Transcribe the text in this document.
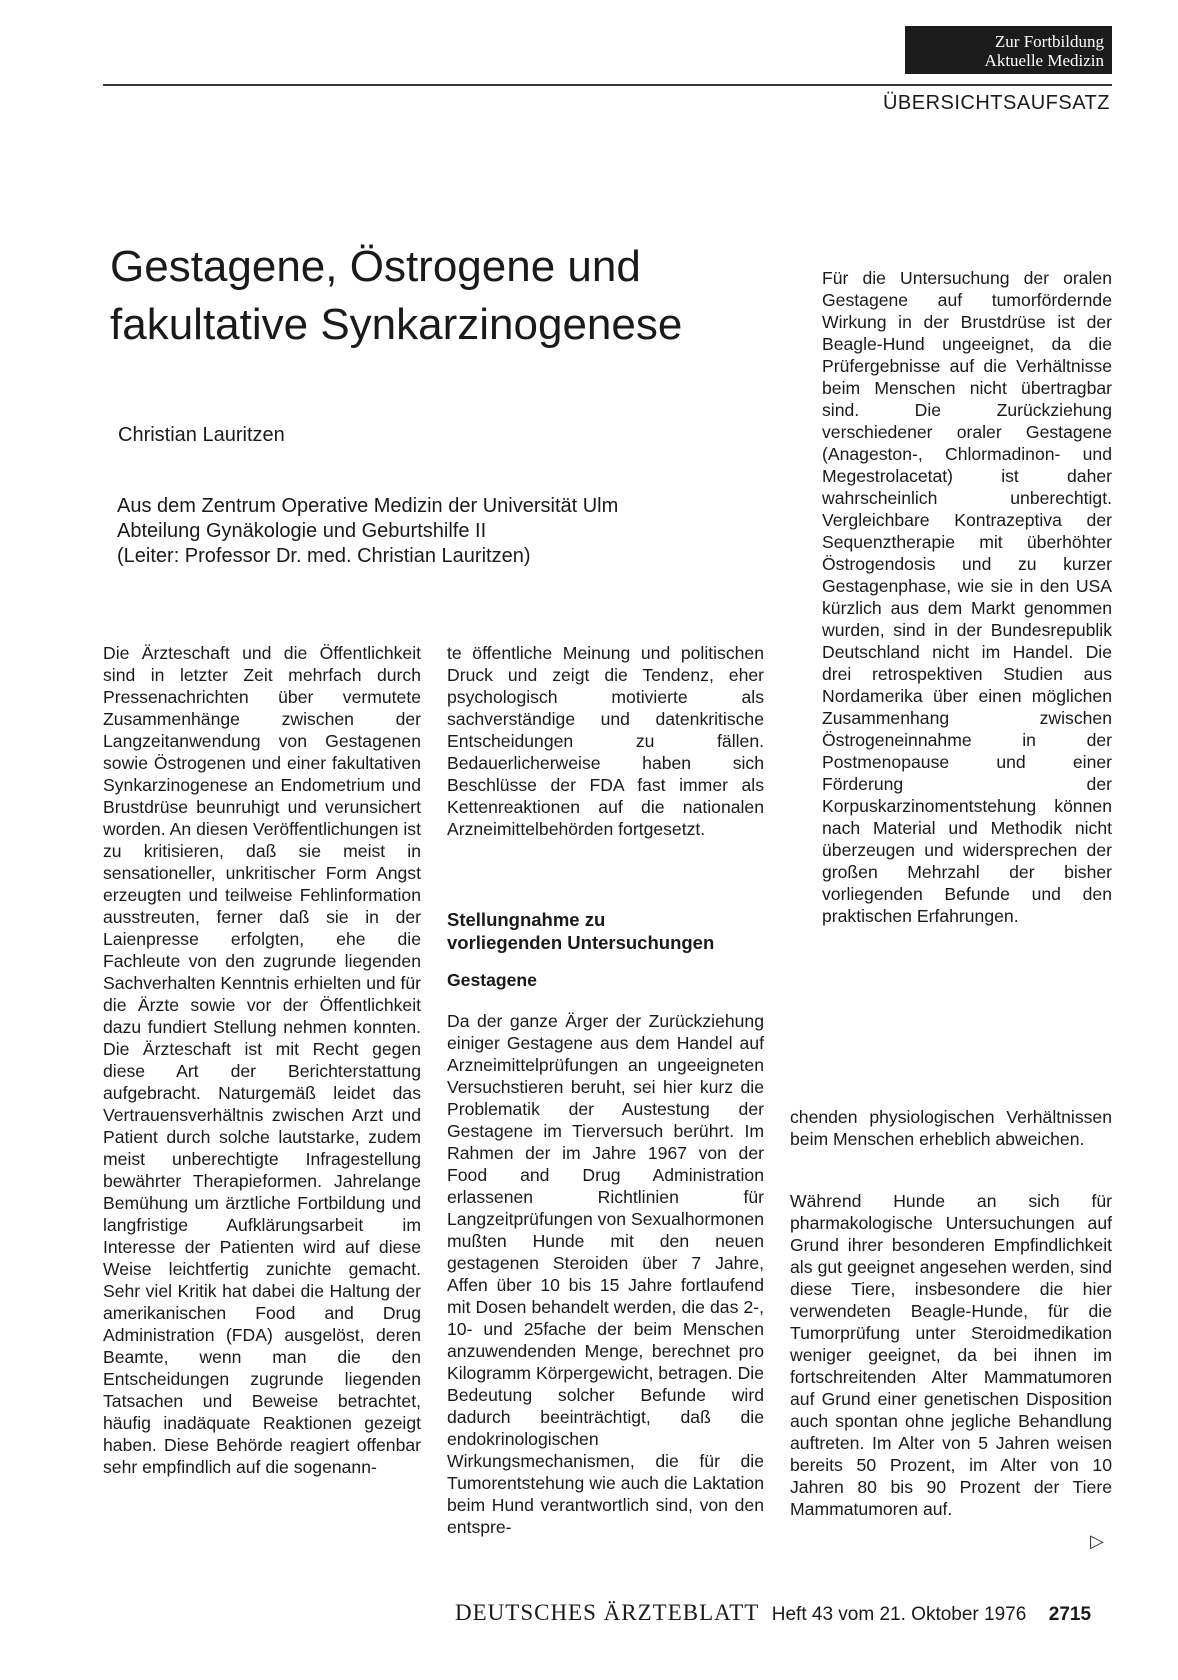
Zur Fortbildung
Aktuelle Medizin
ÜBERSICHTSAUFSATZ
Gestagene, Östrogene und
fakultative Synkarzinogenese
Christian Lauritzen
Aus dem Zentrum Operative Medizin der Universität Ulm
Abteilung Gynäkologie und Geburtshilfe II
(Leiter: Professor Dr. med. Christian Lauritzen)

Die Ärzteschaft und die Öffentlichkeit sind in letzter Zeit mehrfach durch Pressenachrichten über vermutete Zusammenhänge zwischen der Langzeitanwendung von Gestagenen sowie Östrogenen und einer fakultativen Synkarzinogenese an Endometrium und Brustdrüse beunruhigt und verunsichert worden. An diesen Veröffentlichungen ist zu kritisieren, daß sie meist in sensationeller, unkritischer Form Angst erzeugten und teilweise Fehlinformation ausstreuten, ferner daß sie in der Laienpresse erfolgten, ehe die Fachleute von den zugrunde liegenden Sachverhalten Kenntnis erhielten und für die Ärzte sowie vor der Öffentlichkeit dazu fundiert Stellung nehmen konnten. Die Ärzteschaft ist mit Recht gegen diese Art der Berichterstattung aufgebracht. Naturgemäß leidet das Vertrauensverhältnis zwischen Arzt und Patient durch solche lautstarke, zudem meist unberechtigte Infragestellung bewährter Therapieformen. Jahrelange Bemühung um ärztliche Fortbildung und langfristige Aufklärungsarbeit im Interesse der Patienten wird auf diese Weise leichtfertig zunichte gemacht. Sehr viel Kritik hat dabei die Haltung der amerikanischen Food and Drug Administration (FDA) ausgelöst, deren Beamte, wenn man die den Entscheidungen zugrunde liegenden Tatsachen und Beweise betrachtet, häufig inadäquate Reaktionen gezeigt haben. Diese Behörde reagiert offenbar sehr empfindlich auf die sogenann-

te öffentliche Meinung und politischen Druck und zeigt die Tendenz, eher psychologisch motivierte als sachverständige und datenkritische Entscheidungen zu fällen. Bedauerlicherweise haben sich Beschlüsse der FDA fast immer als Kettenreaktionen auf die nationalen Arzneimittelbehörden fortgesetzt.

Stellungnahme zu
vorliegenden Untersuchungen
Gestagene

Da der ganze Ärger der Zurückziehung einiger Gestagene aus dem Handel auf Arzneimittelprüfungen an ungeeigneten Versuchstieren beruht, sei hier kurz die Problematik der Austestung der Gestagene im Tierversuch berührt. Im Rahmen der im Jahre 1967 von der Food and Drug Administration erlassenen Richtlinien für Langzeitprüfungen von Sexualhormonen mußten Hunde mit den neuen gestagenen Steroiden über 7 Jahre, Affen über 10 bis 15 Jahre fortlaufend mit Dosen behandelt werden, die das 2-, 10- und 25fache der beim Menschen anzuwendenden Menge, berechnet pro Kilogramm Körpergewicht, betragen. Die Bedeutung solcher Befunde wird dadurch beeinträchtigt, daß die endokrinologischen Wirkungsmechanismen, die für die Tumorentstehung wie auch die Laktation beim Hund verantwortlich sind, von den entspre-

Für die Untersuchung der oralen Gestagene auf tumorfördernde Wirkung in der Brustdrüse ist der Beagle-Hund ungeeignet, da die Prüfergebnisse auf die Verhältnisse beim Menschen nicht übertragbar sind. Die Zurückziehung verschiedener oraler Gestagene (Anageston-, Chlormadinon- und Megestrolacetat) ist daher wahrscheinlich unberechtigt. Vergleichbare Kontrazeptiva der Sequenztherapie mit überhöhter Östrogendosis und zu kurzer Gestagenphase, wie sie in den USA kürzlich aus dem Markt genommen wurden, sind in der Bundesrepublik Deutschland nicht im Handel. Die drei retrospektiven Studien aus Nordamerika über einen möglichen Zusammenhang zwischen Östrogeneinnahme in der Postmenopause und einer Förderung der Korpuskarzinomentstehung können nach Material und Methodik nicht überzeugen und widersprechen der großen Mehrzahl der bisher vorliegenden Befunde und den praktischen Erfahrungen.

chenden physiologischen Verhältnissen beim Menschen erheblich abweichen.

Während Hunde an sich für pharmakologische Untersuchungen auf Grund ihrer besonderen Empfindlichkeit als gut geeignet angesehen werden, sind diese Tiere, insbesondere die hier verwendeten Beagle-Hunde, für die Tumorprüfung unter Steroidmedikation weniger geeignet, da bei ihnen im fortschreitenden Alter Mammatumoren auf Grund einer genetischen Disposition auch spontan ohne jegliche Behandlung auftreten. Im Alter von 5 Jahren weisen bereits 50 Prozent, im Alter von 10 Jahren 80 bis 90 Prozent der Tiere Mammatumoren auf.

▷
DEUTSCHES ÄRZTEBLATT Heft 43 vom 21. Oktober 1976 2715
